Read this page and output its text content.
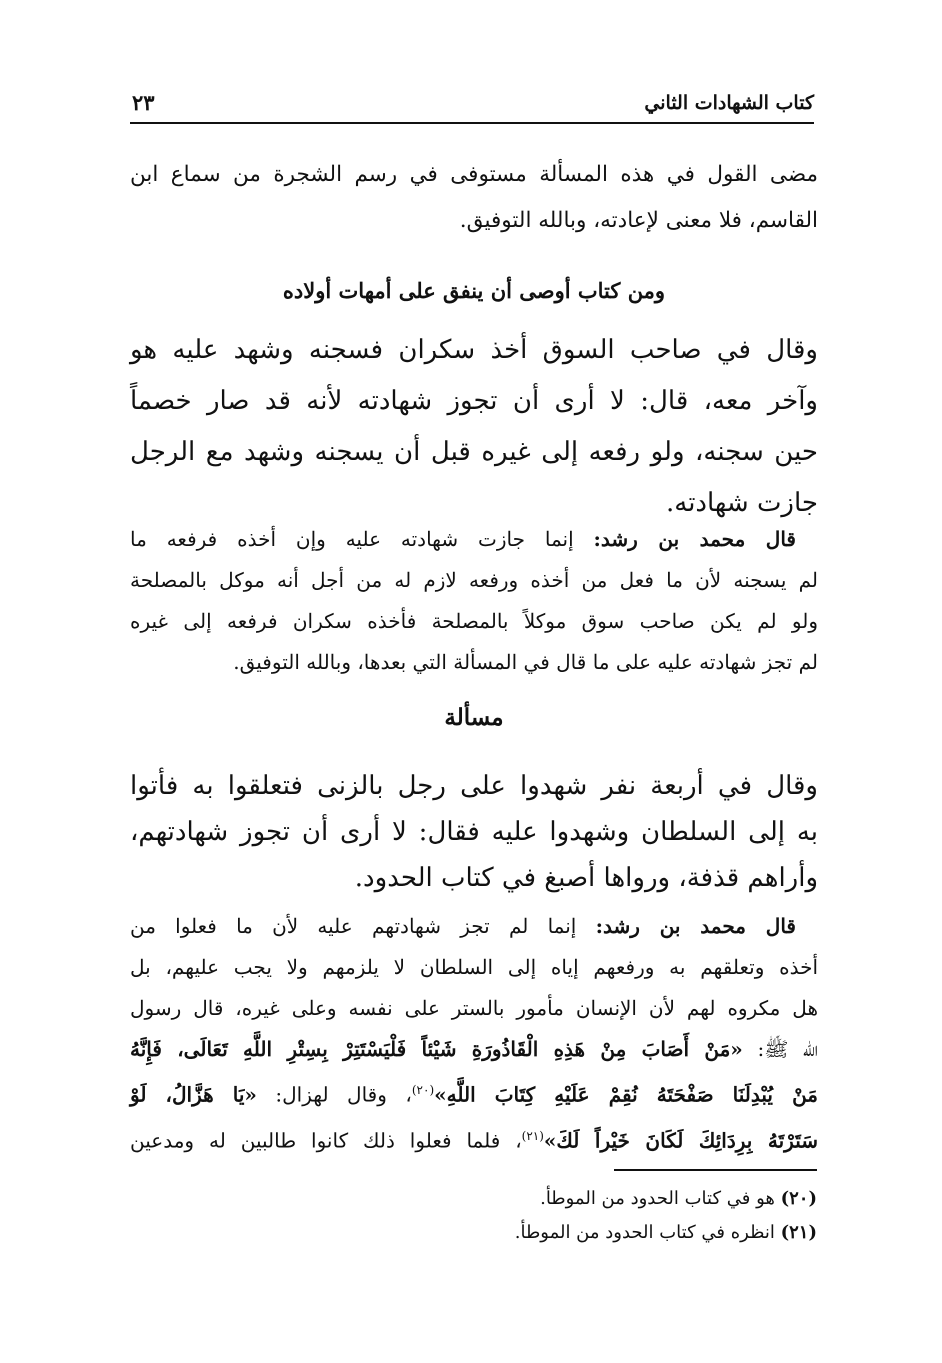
كتاب الشهادات الثاني
٢٣
مضى القول في هذه المسألة مستوفى في رسم الشجرة من سماع ابن
القاسم، فلا معنى لإعادته، وبالله التوفيق.
ومن كتاب أوصى أن ينفق على أمهات أولاده
وقال في صاحب السوق أخذ سكران فسجنه وشهد عليه هو
وآخر معه، قال: لا أرى أن تجوز شهادته لأنه قد صار خصماً
حين سجنه، ولو رفعه إلى غيره قبل أن يسجنه وشهد مع الرجل
جازت شهادته.
قال محمد بن رشد: إنما جازت شهادته عليه وإن أخذه فرفعه ما
لم يسجنه لأن ما فعل من أخذه ورفعه لازم له من أجل أنه موكل بالمصلحة
ولو لم يكن صاحب سوق موكلاً بالمصلحة فأخذه سكران فرفعه إلى غيره
لم تجز شهادته عليه على ما قال في المسألة التي بعدها، وبالله التوفيق.
مسألة
وقال في أربعة نفر شهدوا على رجل بالزنى فتعلقوا به فأتوا
به إلى السلطان وشهدوا عليه فقال: لا أرى أن تجوز شهادتهم،
وأراهم قذفة، ورواها أصبغ في كتاب الحدود.
قال محمد بن رشد: إنما لم تجز شهادتهم عليه لأن ما فعلوا من
أخذه وتعلقهم به ورفعهم إياه إلى السلطان لا يلزمهم ولا يجب عليهم، بل
هل مكروه لهم لأن الإنسان مأمور بالستر على نفسه وعلى غيره، قال رسول
الله ﷺ: «مَنْ أَصَابَ مِنْ هَذِهِ الْقَاذُورَةِ شَيْئاً فَلْيَسْتَتِرْ بِسِتْرِ اللَّهِ تَعَالَى، فَإِنَّهُ
مَنْ يُبْدِلَنَا صَفْحَتَهُ نُقِمْ عَلَيْهِ كِتَابَ اللَّهِ»$^{(٢٠)}$، وقال لهزال: «يَا هَزَّالُ، لَوْ
سَتَرْتَهُ بِرِدَائِكَ لَكَانَ خَيْراً لَكَ»$^{(٢١)}$، فلما فعلوا ذلك كانوا طالبين له ومدعين
(٢٠) هو في كتاب الحدود من الموطأ.
(٢١) انظره في كتاب الحدود من الموطأ.
